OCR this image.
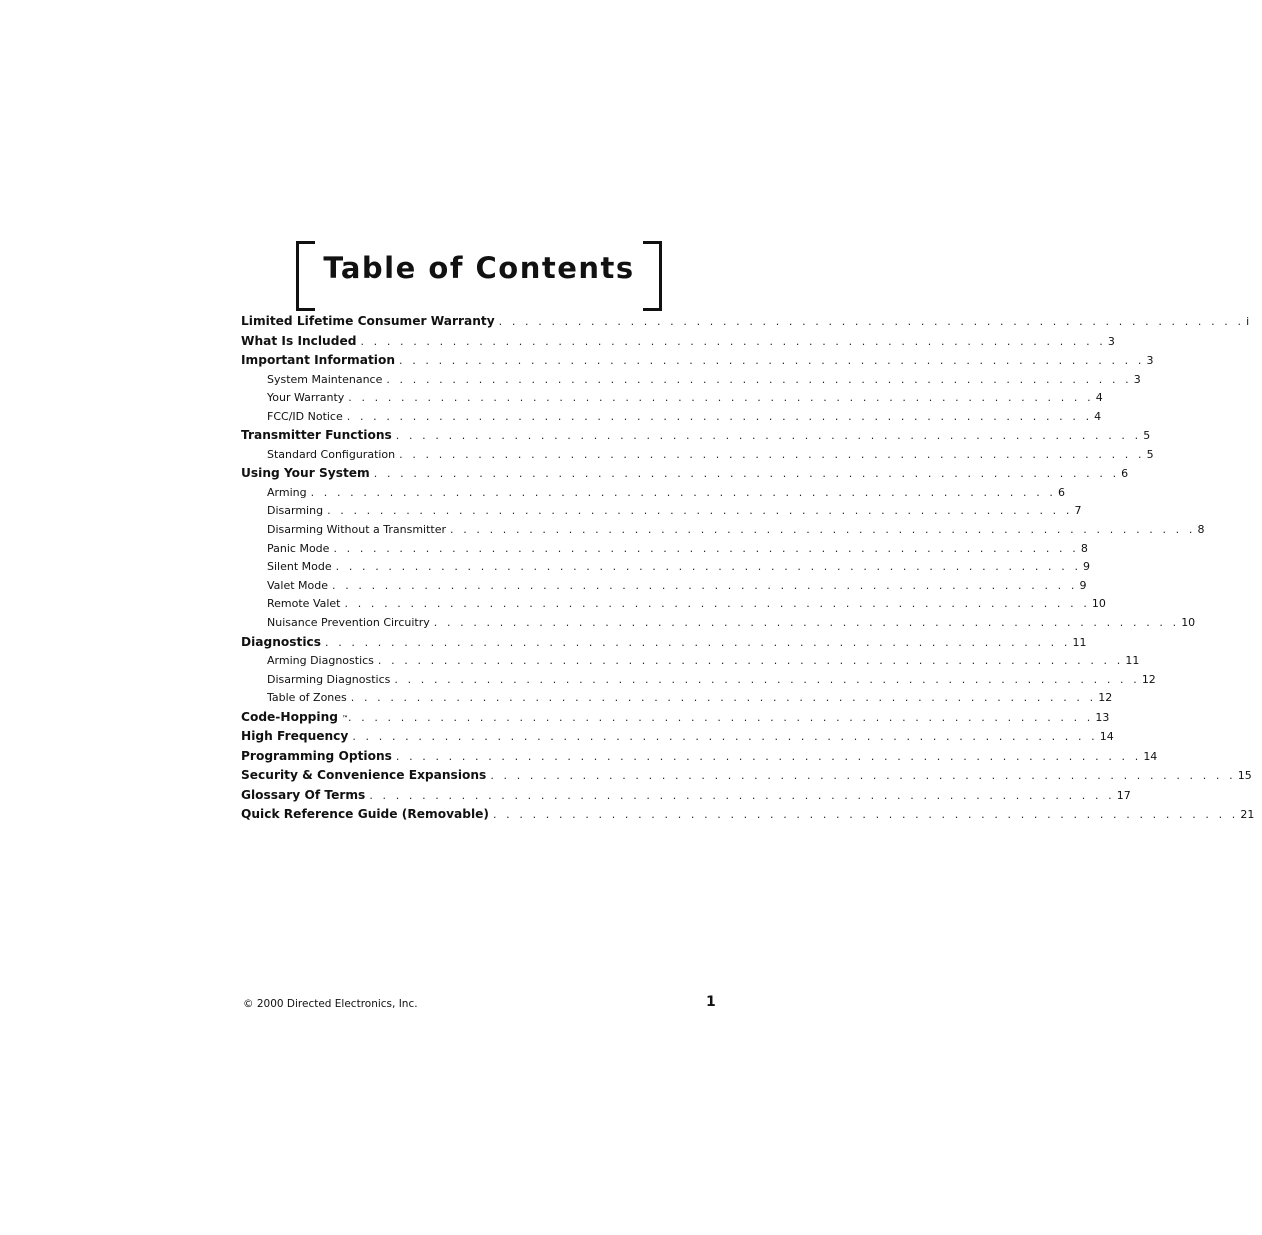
Table of Contents
Limited Lifetime Consumer Warranty . . . . . . . . . . . . . . . . . . . . . . . . . . . . . . . . . . . . . . . . . . . . . . . . . . . . . . . . . i
What Is Included . . . . . . . . . . . . . . . . . . . . . . . . . . . . . . . . . . . . . . . . . . . . . . . . . . . . . . . . . 3
Important Information . . . . . . . . . . . . . . . . . . . . . . . . . . . . . . . . . . . . . . . . . . . . . . . . . . . . . . . . . 3
System Maintenance . . . . . . . . . . . . . . . . . . . . . . . . . . . . . . . . . . . . . . . . . . . . . . . . . . . . . . . . . 3
Your Warranty . . . . . . . . . . . . . . . . . . . . . . . . . . . . . . . . . . . . . . . . . . . . . . . . . . . . . . . . . 4
FCC/ID Notice . . . . . . . . . . . . . . . . . . . . . . . . . . . . . . . . . . . . . . . . . . . . . . . . . . . . . . . . . 4
Transmitter Functions . . . . . . . . . . . . . . . . . . . . . . . . . . . . . . . . . . . . . . . . . . . . . . . . . . . . . . . . . 5
Standard Configuration . . . . . . . . . . . . . . . . . . . . . . . . . . . . . . . . . . . . . . . . . . . . . . . . . . . . . . . . . 5
Using Your System . . . . . . . . . . . . . . . . . . . . . . . . . . . . . . . . . . . . . . . . . . . . . . . . . . . . . . . . . 6
Arming . . . . . . . . . . . . . . . . . . . . . . . . . . . . . . . . . . . . . . . . . . . . . . . . . . . . . . . . . 6
Disarming . . . . . . . . . . . . . . . . . . . . . . . . . . . . . . . . . . . . . . . . . . . . . . . . . . . . . . . . . 7
Disarming Without a Transmitter . . . . . . . . . . . . . . . . . . . . . . . . . . . . . . . . . . . . . . . . . . . . . . . . . . . . . . . . . 8
Panic Mode . . . . . . . . . . . . . . . . . . . . . . . . . . . . . . . . . . . . . . . . . . . . . . . . . . . . . . . . . 8
Silent Mode . . . . . . . . . . . . . . . . . . . . . . . . . . . . . . . . . . . . . . . . . . . . . . . . . . . . . . . . . 9
Valet Mode . . . . . . . . . . . . . . . . . . . . . . . . . . . . . . . . . . . . . . . . . . . . . . . . . . . . . . . . . 9
Remote Valet . . . . . . . . . . . . . . . . . . . . . . . . . . . . . . . . . . . . . . . . . . . . . . . . . . . . . . . . . 10
Nuisance Prevention Circuitry . . . . . . . . . . . . . . . . . . . . . . . . . . . . . . . . . . . . . . . . . . . . . . . . . . . . . . . . . 10
Diagnostics . . . . . . . . . . . . . . . . . . . . . . . . . . . . . . . . . . . . . . . . . . . . . . . . . . . . . . . . . 11
Arming Diagnostics . . . . . . . . . . . . . . . . . . . . . . . . . . . . . . . . . . . . . . . . . . . . . . . . . . . . . . . . . 11
Disarming Diagnostics . . . . . . . . . . . . . . . . . . . . . . . . . . . . . . . . . . . . . . . . . . . . . . . . . . . . . . . . . 12
Table of Zones . . . . . . . . . . . . . . . . . . . . . . . . . . . . . . . . . . . . . . . . . . . . . . . . . . . . . . . . . 12
Code-Hopping ™ . . . . . . . . . . . . . . . . . . . . . . . . . . . . . . . . . . . . . . . . . . . . . . . . . . . . . . . . . 13
High Frequency . . . . . . . . . . . . . . . . . . . . . . . . . . . . . . . . . . . . . . . . . . . . . . . . . . . . . . . . . 14
Programming Options . . . . . . . . . . . . . . . . . . . . . . . . . . . . . . . . . . . . . . . . . . . . . . . . . . . . . . . . . 14
Security & Convenience Expansions . . . . . . . . . . . . . . . . . . . . . . . . . . . . . . . . . . . . . . . . . . . . . . . . . . . . . . . . . 15
Glossary Of Terms . . . . . . . . . . . . . . . . . . . . . . . . . . . . . . . . . . . . . . . . . . . . . . . . . . . . . . . . . 17
Quick Reference Guide (Removable) . . . . . . . . . . . . . . . . . . . . . . . . . . . . . . . . . . . . . . . . . . . . . . . . . . . . . . . . . 21
© 2000 Directed Electronics, Inc.	1
